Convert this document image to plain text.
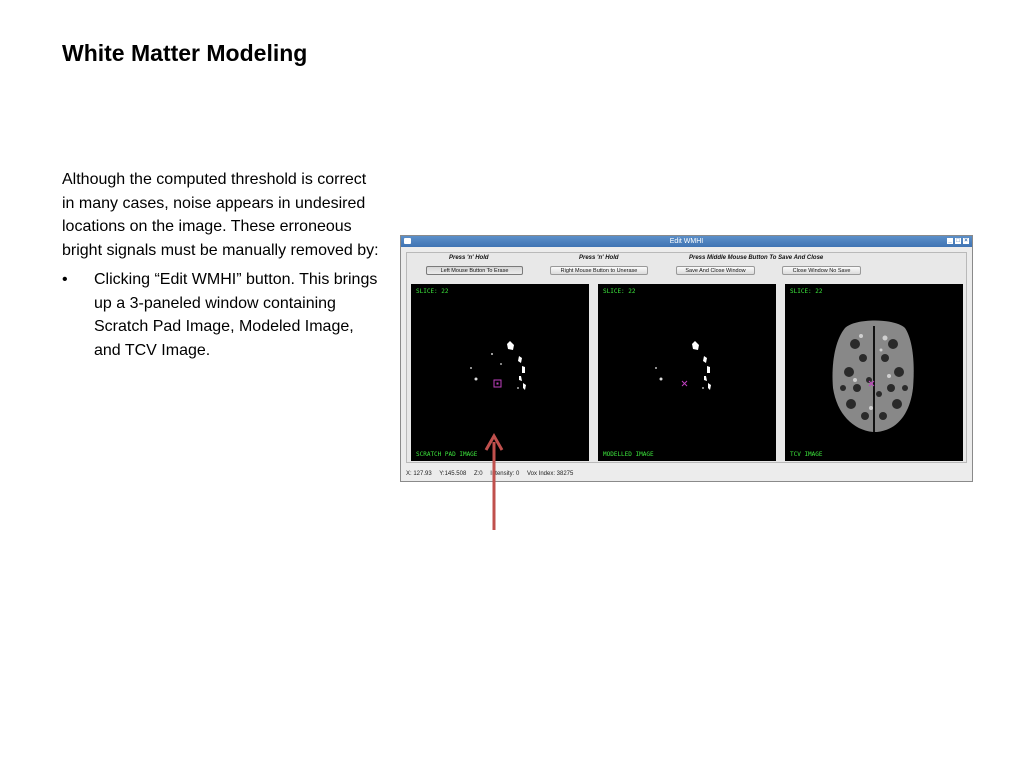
White Matter Modeling

Although the computed threshold is correct in many cases, noise appears in undesired locations on the image. These erroneous bright signals must be manually removed by:

• Clicking “Edit WMHI” button. This brings up a 3-paneled window containing Scratch Pad Image, Modeled Image, and TCV Image.
Edit WMHI	_ □ ×
Press 'n' Hold	Press 'n' Hold	Press Middle Mouse Button To Save And Close
Left Mouse Button To Erase	Right Mouse Button to Unerase	Save And Close Window	Close Window No Save
SLICE: 22
SCRATCH PAD IMAGE
SLICE: 22
MODELLED IMAGE
SLICE: 22
TCV IMAGE
X: 127.93 Y:145.508 Z:0 Intensity: 0 Vox Index: 38275
